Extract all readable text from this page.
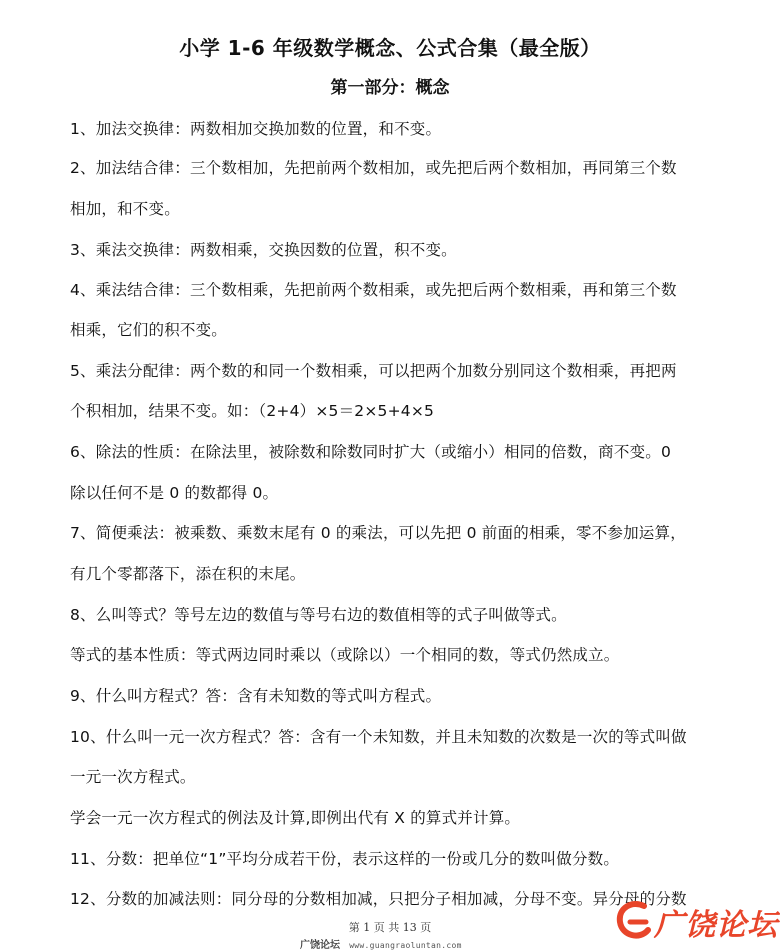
小学 1-6 年级数学概念、公式合集（最全版）
第一部分：概念
1、加法交换律：两数相加交换加数的位置，和不变。
2、加法结合律：三个数相加，先把前两个数相加，或先把后两个数相加，再同第三个数
相加，和不变。
3、乘法交换律：两数相乘，交换因数的位置，积不变。
4、乘法结合律：三个数相乘，先把前两个数相乘，或先把后两个数相乘，再和第三个数
相乘，它们的积不变。
5、乘法分配律：两个数的和同一个数相乘，可以把两个加数分别同这个数相乘，再把两
个积相加，结果不变。如：（2+4）×5＝2×5+4×5
6、除法的性质：在除法里，被除数和除数同时扩大（或缩小）相同的倍数，商不变。0
除以任何不是 0 的数都得 0。
7、简便乘法：被乘数、乘数末尾有 0 的乘法，可以先把 0 前面的相乘，零不参加运算，
有几个零都落下，添在积的末尾。
8、么叫等式？等号左边的数值与等号右边的数值相等的式子叫做等式。
等式的基本性质：等式两边同时乘以（或除以）一个相同的数，等式仍然成立。
9、什么叫方程式？答：含有未知数的等式叫方程式。
10、什么叫一元一次方程式？答：含有一个未知数，并且未知数的次数是一次的等式叫做
一元一次方程式。
学会一元一次方程式的例法及计算,即例出代有 X 的算式并计算。
11、分数：把单位“1”平均分成若干份，表示这样的一份或几分的数叫做分数。
12、分数的加减法则：同分母的分数相加减，只把分子相加减，分母不变。异分母的分数
第 1 页 共 13 页
广饶论坛 www.guangraoluntan.com
广饶论坛
